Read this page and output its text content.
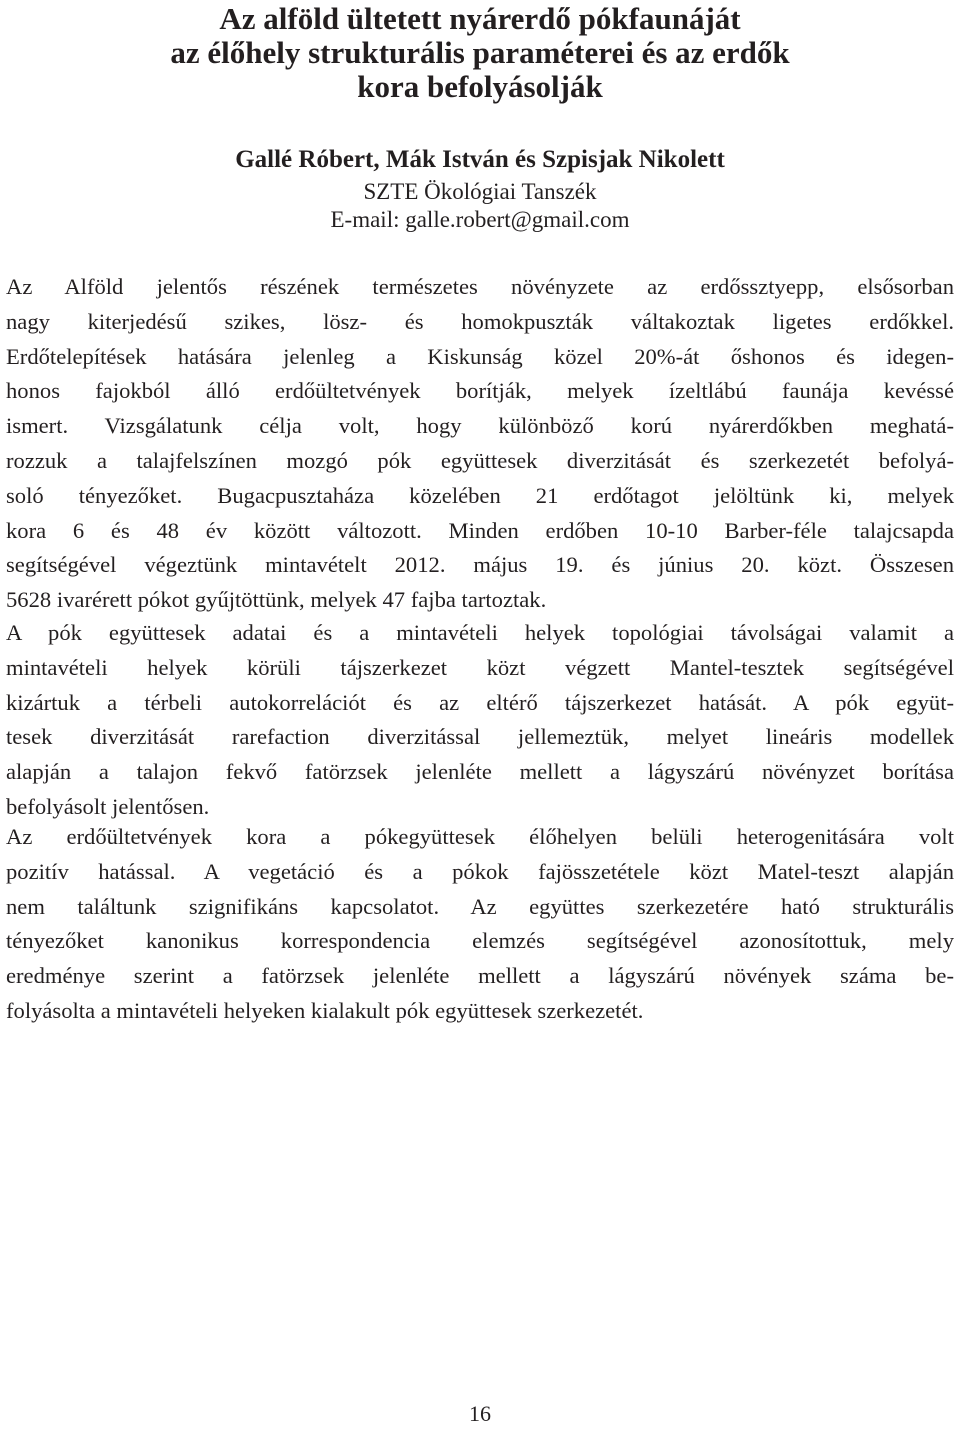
Az alföld ültetett nyárerdő pókfaunáját
az élőhely strukturális paraméterei és az erdők
kora befolyásolják

Gallé Róbert, Mák István és Szpisjak Nikolett

SZTE Ökológiai Tanszék

E-mail: galle.robert@gmail.com

Az Alföld jelentős részének természetes növényzete az erdőssztyepp, elsősorban
nagy kiterjedésű szikes, lösz- és homokpuszták váltakoztak ligetes erdőkkel.
Erdőtelepítések hatására jelenleg a Kiskunság közel 20%-át őshonos és idegen-
honos fajokból álló erdőültetvények borítják, melyek ízeltlábú faunája kevéssé
ismert. Vizsgálatunk célja volt, hogy különböző korú nyárerdőkben meghatá-
rozzuk a talajfelszínen mozgó pók együttesek diverzitását és szerkezetét befolyá-
soló tényezőket. Bugacpusztaháza közelében 21 erdőtagot jelöltünk ki, melyek
kora 6 és 48 év között változott. Minden erdőben 10-10 Barber-féle talajcsapda
segítségével végeztünk mintavételt 2012. május 19. és június 20. közt. Összesen
5628 ivarérett pókot gyűjtöttünk, melyek 47 fajba tartoztak.
A pók együttesek adatai és a mintavételi helyek topológiai távolságai valamit a
mintavételi helyek körüli tájszerkezet közt végzett Mantel-tesztek segítségével
kizártuk a térbeli autokorrelációt és az eltérő tájszerkezet hatását. A pók együt-
tesek diverzitását rarefaction diverzitással jellemeztük, melyet lineáris modellek
alapján a talajon fekvő fatörzsek jelenléte mellett a lágyszárú növényzet borítása
befolyásolt jelentősen.
Az erdőültetvények kora a pókegyüttesek élőhelyen belüli heterogenitására volt
pozitív hatással. A vegetáció és a pókok fajösszetétele közt Matel-teszt alapján
nem találtunk szignifikáns kapcsolatot. Az együttes szerkezetére ható strukturális
tényezőket kanonikus korrespondencia elemzés segítségével azonosítottuk, mely
eredménye szerint a fatörzsek jelenléte mellett a lágyszárú növények száma be-
folyásolta a mintavételi helyeken kialakult pók együttesek szerkezetét.

16
